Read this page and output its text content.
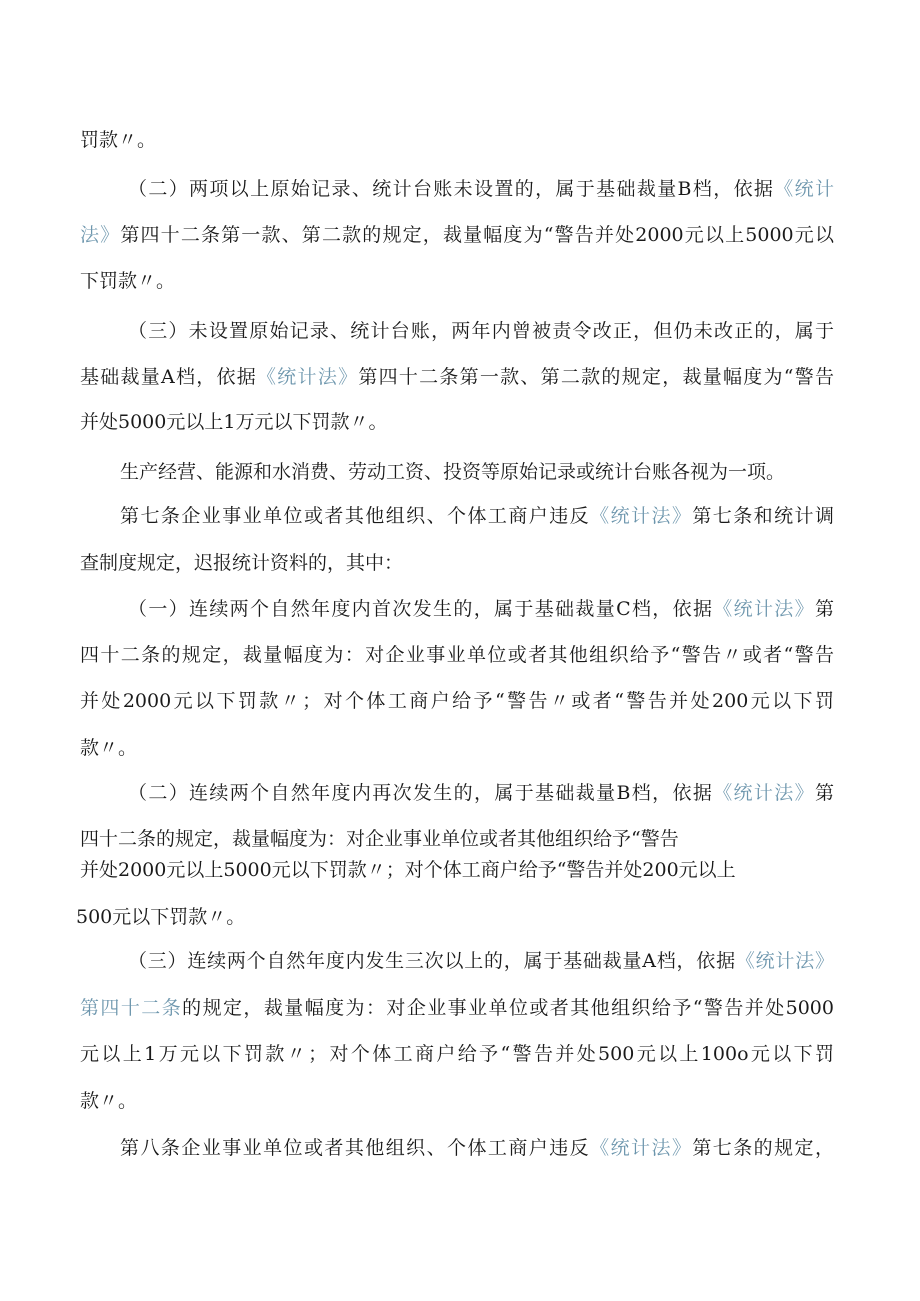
罚款〃。

（二）两项以上原始记录、统计台账未设置的，属于基础裁量B档，依据《统计

法》第四十二条第一款、第二款的规定，裁量幅度为“警告并处2000元以上5000元以

下罚款〃。

（三）未设置原始记录、统计台账，两年内曾被责令改正，但仍未改正的，属于

基础裁量A档，依据《统计法》第四十二条第一款、第二款的规定，裁量幅度为“警告

并处5000元以上1万元以下罚款〃。

生产经营、能源和水消费、劳动工资、投资等原始记录或统计台账各视为一项。

第七条企业事业单位或者其他组织、个体工商户违反《统计法》第七条和统计调

查制度规定，迟报统计资料的，其中：

（一）连续两个自然年度内首次发生的，属于基础裁量C档，依据《统计法》第

四十二条的规定，裁量幅度为：对企业事业单位或者其他组织给予“警告〃或者“警告

并处2000元以下罚款〃；对个体工商户给予“警告〃或者“警告并处200元以下罚

款〃。

（二）连续两个自然年度内再次发生的，属于基础裁量B档，依据《统计法》第

四十二条的规定，裁量幅度为：对企业事业单位或者其他组织给予“警告

并处2000元以上5000元以下罚款〃；对个体工商户给予“警告并处200元以上

500元以下罚款〃。

（三）连续两个自然年度内发生三次以上的，属于基础裁量A档，依据《统计法》

第四十二条的规定，裁量幅度为：对企业事业单位或者其他组织给予“警告并处5000

元以上1万元以下罚款〃；对个体工商户给予“警告并处500元以上100o元以下罚

款〃。

第八条企业事业单位或者其他组织、个体工商户违反《统计法》第七条的规定，
